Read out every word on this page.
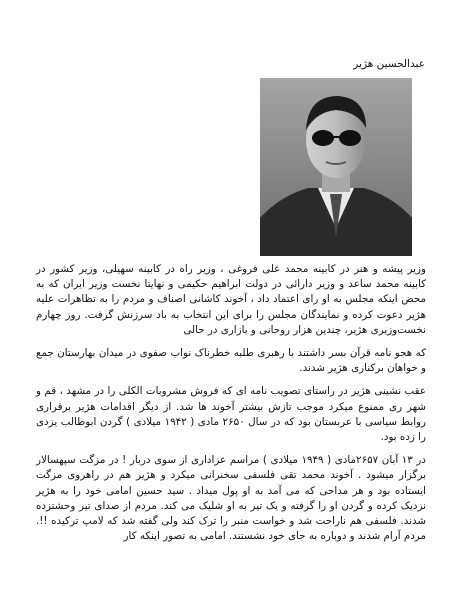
عبدالحسین هژیر

وزیر پیشه و هنر در کابینه محمد علی فروغی ، وزیر راه در کابینه سهیلی، وزیر کشور در کابینه محمد ساعد و وزیر دارائی در دولت ابراهیم حکیمی و نهایتا نخست وزیر ایران که به محض اینکه مجلس به او رای اعتماد داد ، آخوند کاشانی اصناف و مردم را به تظاهرات علیه هژیر دعوت کرده و نمایندگان مجلس را برای این انتخاب به باد سرزنش گرفت. روز چهارم نخست‌وزیری هژیر، چندین هزار روحانی و بازاری در حالی

که هجو نامه قرآن بسر داشتند با رهبری طلبه خطرناک نواب صفوی در میدان بهارستان جمع و خواهان برکناری هژیر شدند.

عقب نشینی هژیر در راستای تصویب نامه ای که فروش مشروبات الکلی را در مشهد ، قم و شهر ری ممنوع میکرد موجب تازش بیشتر آخوند ها شد. از دیگر اقدامات هژیر برقراری روابط سیاسی با عربستان بود که در سال ۲۶۵۰ مادی ( ۱۹۴۲ میلادی ) گردن ابوطالب یزدی را زده بود.

در ۱۳ آبان ۲۶۵۷مادی ( ۱۹۴۹ میلادی ) مراسم عزاداری از سوی دربار ! در مزگت سپهسالار برگزار میشود . آخوند محمد تقی فلسفی سخنرانی میکرد و هژیر هم در راهروی مزگت ایستاده بود و هر مداحی که می آمد به او پول میداد . سید حسین امامی خود را به هژیر نزدیک کرده و گردن او را گرفته و یک تیر به او شلیک می کند. مردم از صدای تیر وحشتزده شدند. فلسفی هم ناراحت شد و خواست منبر را ترک کند ولی گفته شد که لامپ ترکیده !!. مردم آرام شدند و دوباره به جای خود نشستند. امامی به تصور اینکه کار
